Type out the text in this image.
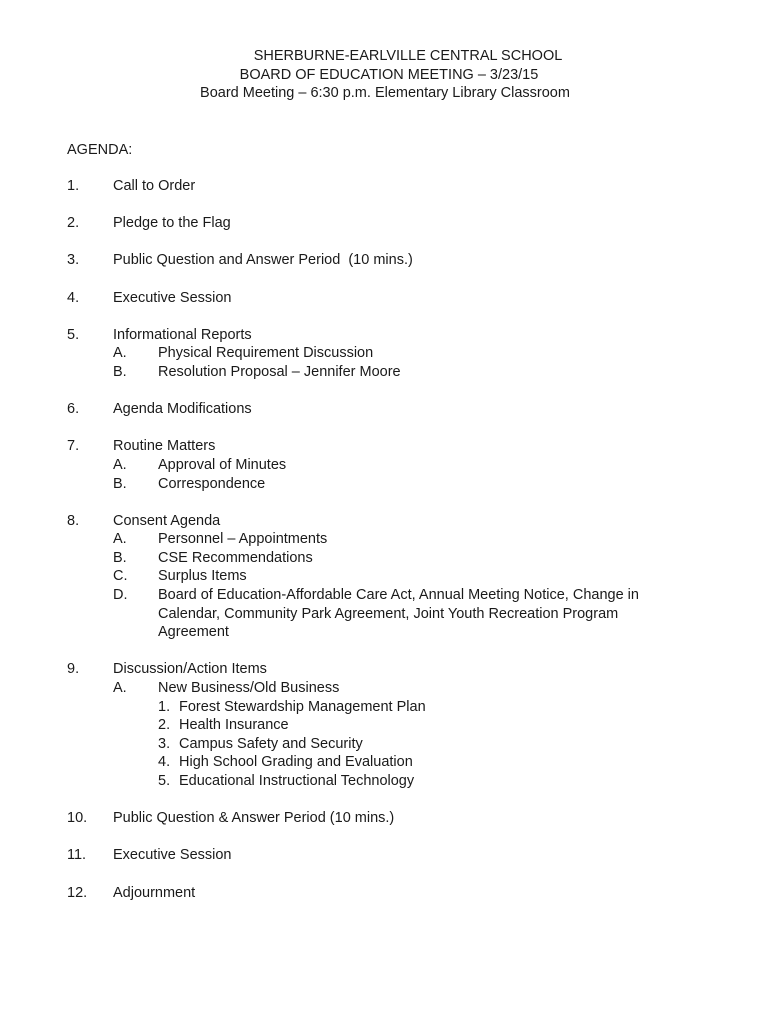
SHERBURNE-EARLVILLE CENTRAL SCHOOL
BOARD OF EDUCATION MEETING – 3/23/15
Board Meeting – 6:30 p.m. Elementary Library Classroom
AGENDA:
1.	Call to Order
2.	Pledge to the Flag
3.	Public Question and Answer Period  (10 mins.)
4.	Executive Session
5.	Informational Reports
A.	Physical Requirement Discussion
B.	Resolution Proposal – Jennifer Moore
6.	Agenda Modifications
7.	Routine Matters
A.	Approval of Minutes
B.	Correspondence
8.	Consent Agenda
A.	Personnel – Appointments
B.	CSE Recommendations
C.	Surplus Items
D.	Board of Education-Affordable Care Act, Annual Meeting Notice, Change in Calendar, Community Park Agreement, Joint Youth Recreation Program Agreement
9.	Discussion/Action Items
A.	New Business/Old Business
1. Forest Stewardship Management Plan
2. Health Insurance
3. Campus Safety and Security
4. High School Grading and Evaluation
5. Educational Instructional Technology
10.	Public Question & Answer Period (10 mins.)
11.	Executive Session
12.	Adjournment
